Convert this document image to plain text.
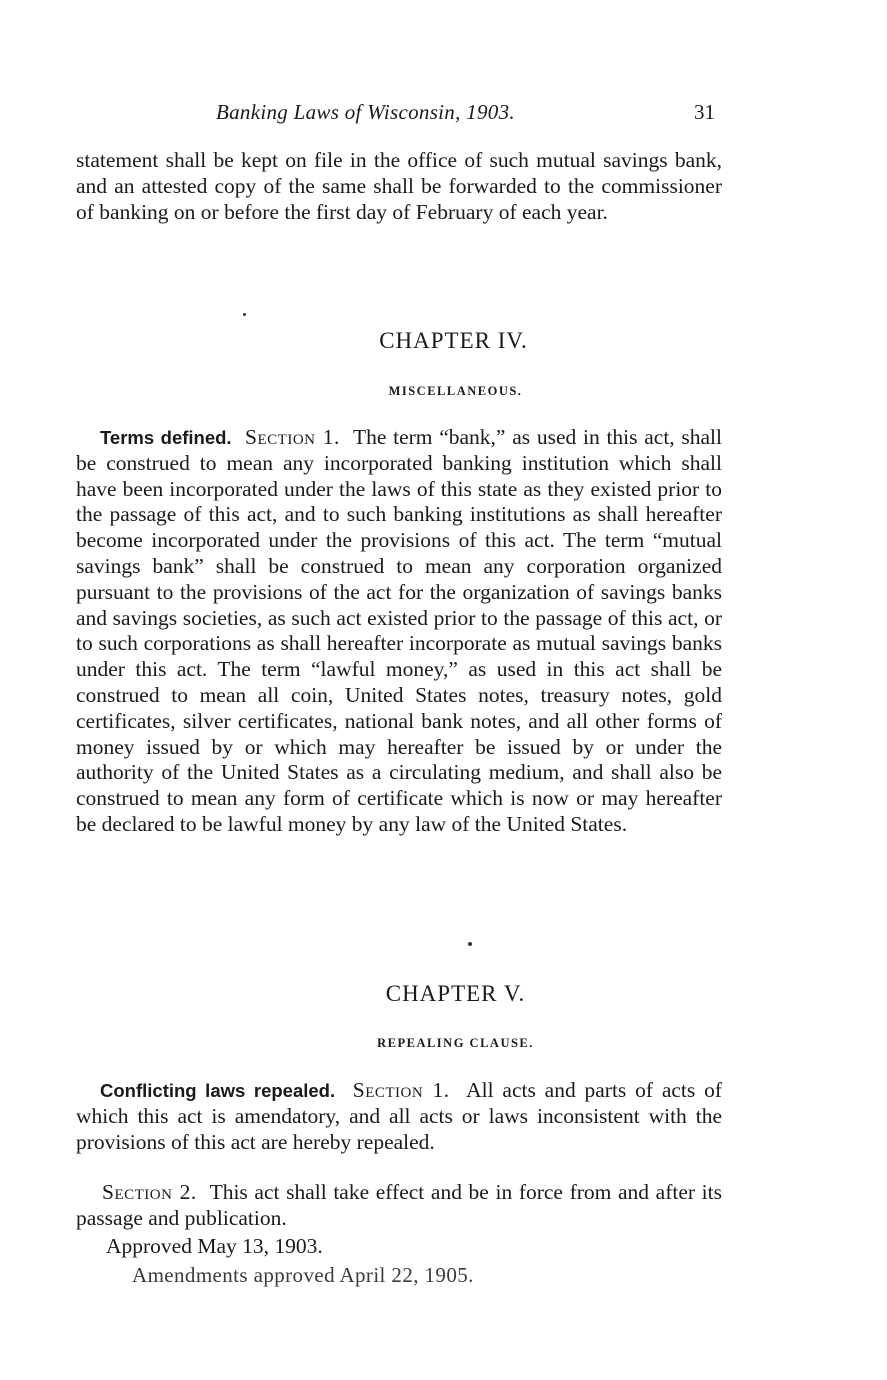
Banking Laws of Wisconsin, 1903.	31

statement shall be kept on file in the office of such mutual savings bank, and an attested copy of the same shall be forwarded to the commissioner of banking on or before the first day of February of each year.

CHAPTER IV.
MISCELLANEOUS.

Terms defined. Section 1. The term “bank,” as used in this act, shall be construed to mean any incorporated banking institution which shall have been incorporated under the laws of this state as they existed prior to the passage of this act, and to such banking institutions as shall hereafter become incorporated under the provisions of this act. The term “mutual savings bank” shall be construed to mean any corporation organized pursuant to the provisions of the act for the organization of savings banks and savings societies, as such act existed prior to the passage of this act, or to such corporations as shall hereafter incorporate as mutual savings banks under this act. The term “lawful money,” as used in this act shall be construed to mean all coin, United States notes, treasury notes, gold certificates, silver certificates, national bank notes, and all other forms of money issued by or which may hereafter be issued by or under the authority of the United States as a circulating medium, and shall also be construed to mean any form of certificate which is now or may hereafter be declared to be lawful money by any law of the United States.

CHAPTER V.
REPEALING CLAUSE.

Conflicting laws repealed. Section 1. All acts and parts of acts of which this act is amendatory, and all acts or laws inconsistent with the provisions of this act are hereby repealed.

Section 2. This act shall take effect and be in force from and after its passage and publication.

Approved May 13, 1903.
Amendments approved April 22, 1905.
